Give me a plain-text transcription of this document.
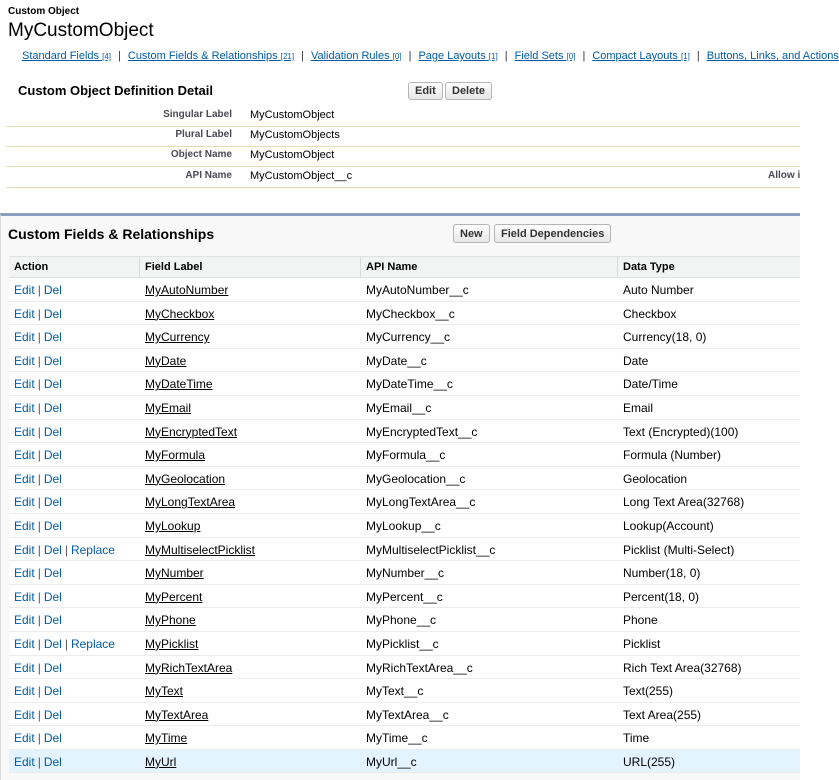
Custom Object
MyCustomObject
Standard Fields [4] | Custom Fields & Relationships [21] | Validation Rules [0] | Page Layouts [1] | Field Sets [0] | Compact Layouts [1] | Buttons, Links, and Actions
Custom Object Definition Detail	Edit	Delete
Singular Label MyCustomObject
Plural Label MyCustomObjects
Object Name MyCustomObject
API Name MyCustomObject__c	Allow i
Custom Fields & Relationships	New	Field Dependencies
Action	Field Label	API Name	Data Type
Edit | Del	MyAutoNumber	MyAutoNumber__c	Auto Number
Edit | Del	MyCheckbox	MyCheckbox__c	Checkbox
Edit | Del	MyCurrency	MyCurrency__c	Currency(18, 0)
Edit | Del	MyDate	MyDate__c	Date
Edit | Del	MyDateTime	MyDateTime__c	Date/Time
Edit | Del	MyEmail	MyEmail__c	Email
Edit | Del	MyEncryptedText	MyEncryptedText__c	Text (Encrypted)(100)
Edit | Del	MyFormula	MyFormula__c	Formula (Number)
Edit | Del	MyGeolocation	MyGeolocation__c	Geolocation
Edit | Del	MyLongTextArea	MyLongTextArea__c	Long Text Area(32768)
Edit | Del	MyLookup	MyLookup__c	Lookup(Account)
Edit | Del | Replace	MyMultiselectPicklist	MyMultiselectPicklist__c	Picklist (Multi-Select)
Edit | Del	MyNumber	MyNumber__c	Number(18, 0)
Edit | Del	MyPercent	MyPercent__c	Percent(18, 0)
Edit | Del	MyPhone	MyPhone__c	Phone
Edit | Del | Replace	MyPicklist	MyPicklist__c	Picklist
Edit | Del	MyRichTextArea	MyRichTextArea__c	Rich Text Area(32768)
Edit | Del	MyText	MyText__c	Text(255)
Edit | Del	MyTextArea	MyTextArea__c	Text Area(255)
Edit | Del	MyTime	MyTime__c	Time
Edit | Del	MyUrl	MyUrl__c	URL(255)
